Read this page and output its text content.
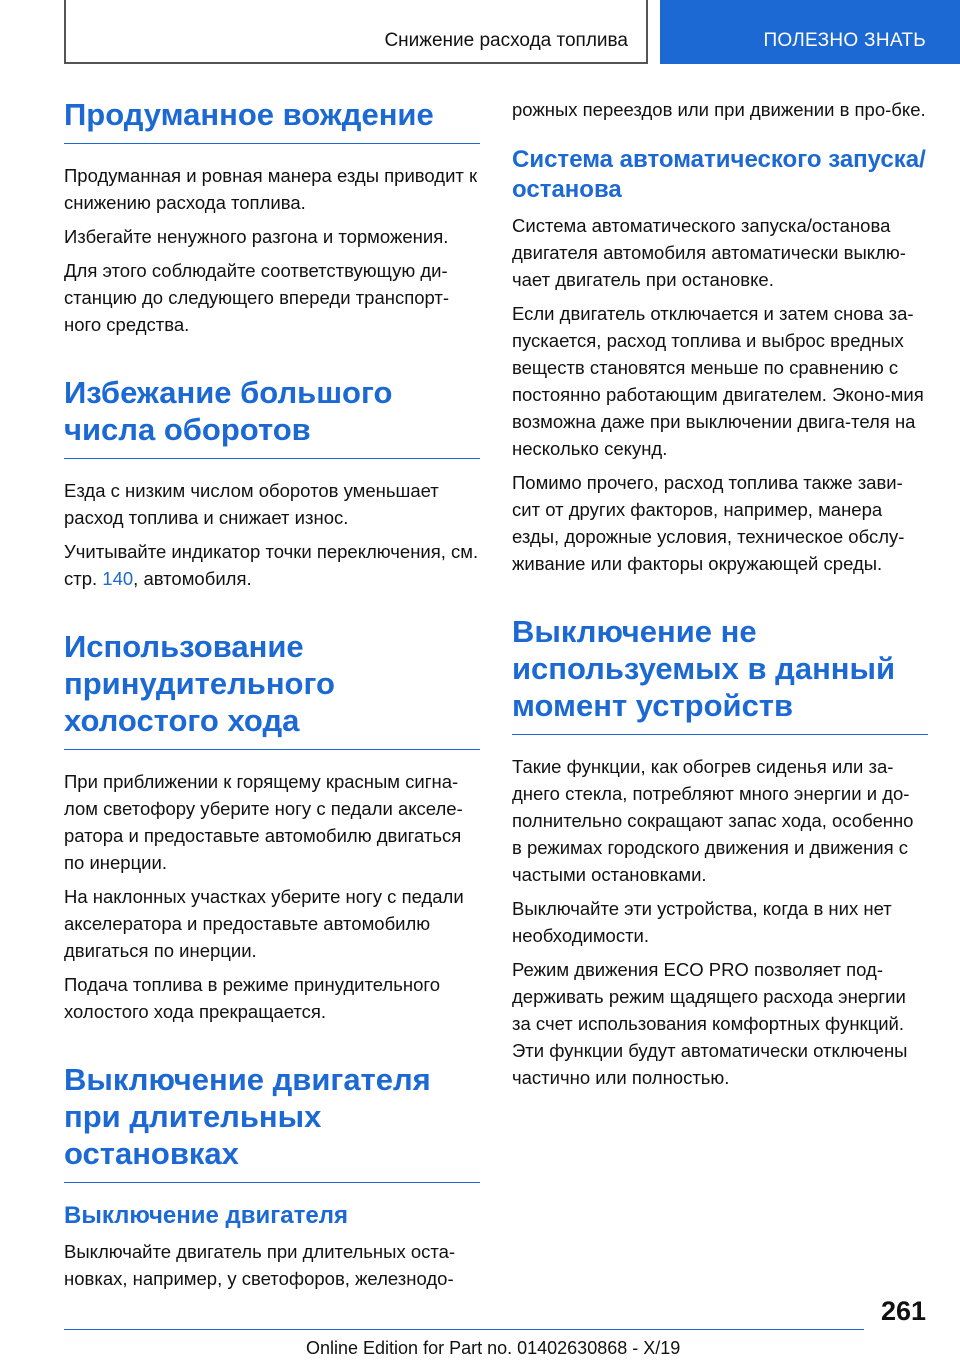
Снижение расхода топлива	ПОЛЕЗНО ЗНАТЬ
Продуманное вождение

Продуманная и ровная манера езды приводит к снижению расхода топлива.

Избегайте ненужного разгона и торможения.

Для этого соблюдайте соответствующую ди-станцию до следующего впереди транспорт-ного средства.

Избежание большого числа оборотов

Езда с низким числом оборотов уменьшает расход топлива и снижает износ.

Учитывайте индикатор точки переключения, см. стр. 140, автомобиля.

Использование принудительного холостого хода

При приближении к горящему красным сигна-лом светофору уберите ногу с педали акселе-ратора и предоставьте автомобилю двигаться по инерции.

На наклонных участках уберите ногу с педали акселератора и предоставьте автомобилю двигаться по инерции.

Подача топлива в режиме принудительного холостого хода прекращается.

Выключение двигателя при длительных остановках
Выключение двигателя

Выключайте двигатель при длительных оста-новках, например, у светофоров, железнодо-

рожных переездов или при движении в про-бке.

Система автоматического запуска/останова

Система автоматического запуска/останова двигателя автомобиля автоматически выклю-чает двигатель при остановке.

Если двигатель отключается и затем снова за-пускается, расход топлива и выброс вредных веществ становятся меньше по сравнению с постоянно работающим двигателем. Эконо-мия возможна даже при выключении двига-теля на несколько секунд.

Помимо прочего, расход топлива также зави-сит от других факторов, например, манера езды, дорожные условия, техническое обслу-живание или факторы окружающей среды.

Выключение не используемых в данный момент устройств

Такие функции, как обогрев сиденья или за-днего стекла, потребляют много энергии и до-полнительно сокращают запас хода, особенно в режимах городского движения и движения с частыми остановками.

Выключайте эти устройства, когда в них нет необходимости.

Режим движения ECO PRO позволяет под-держивать режим щадящего расхода энергии за счет использования комфортных функций. Эти функции будут автоматически отключены частично или полностью.

261
Online Edition for Part no. 01402630868 - X/19
